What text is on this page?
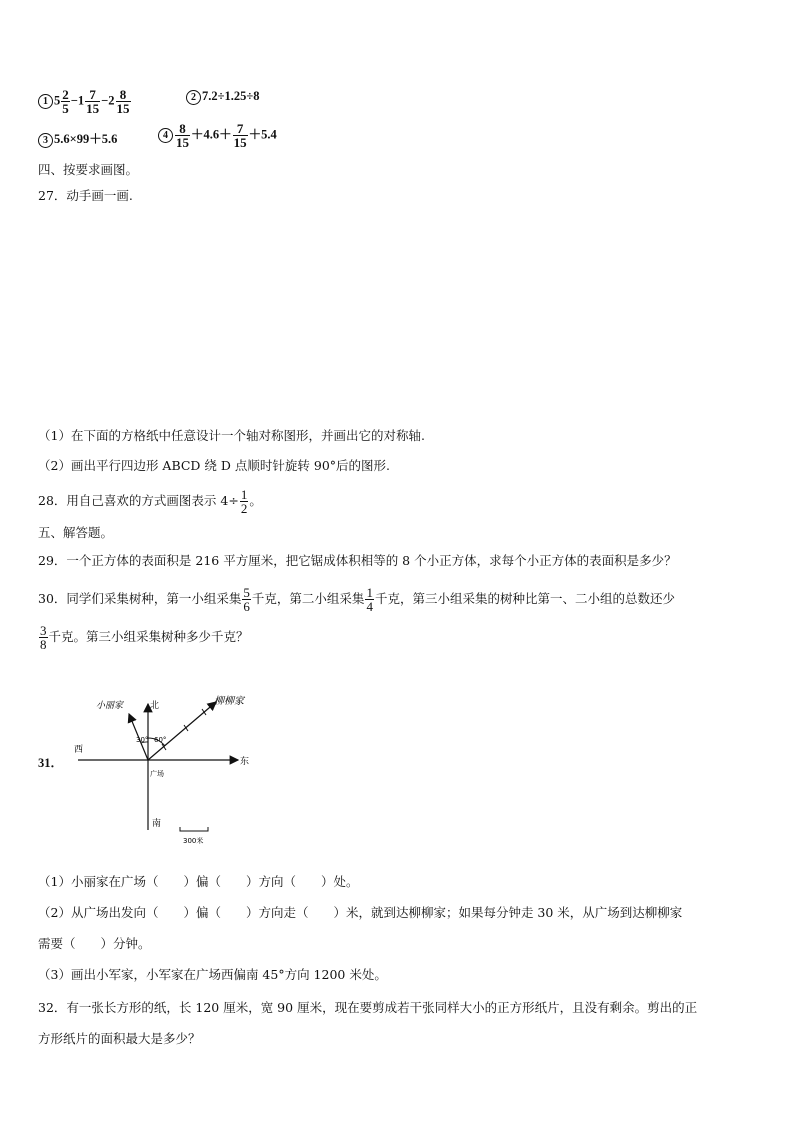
1 $5 \frac{2}{5} -1 \frac{7}{15} -2 \frac{8}{15}$	2 7.2÷1.25÷8
3 5.6×99＋5.6	$4 \frac{8}{15} +4.6+ \frac{7}{15} +5.4$
四、按要求画图。
27．动手画一画.
（1）在下面的方格纸中任意设计一个轴对称图形，并画出它的对称轴.
（2）画出平行四边形 ABCD 绕 D 点顺时针旋转 90°后的图形.
28．用自己喜欢的方式画图表示 $4\div \frac{1}{2}$ 。
五、解答题。
29．一个正方体的表面积是 216 平方厘米，把它锯成体积相等的 8 个小正方体，求每个小正方体的表面积是多少？
30．同学们采集树种，第一小组采集 $\frac{5}{6}$ 千克，第二小组采集 $\frac{1}{4}$ 千克，第三小组采集的树种比第一、二小组的总数还少
$\frac{3}{8}$ 千克。第三小组采集树种多少千克？
31．
西
东
北
南
广场
小丽家	柳柳家
30° 60°
300米
（1）小丽家在广场（　　）偏（　　）方向（　　）处。
（2）从广场出发向（　　）偏（　　）方向走（　　）米，就到达柳柳家；如果每分钟走 30 米，从广场到达柳柳家
需要（　　）分钟。
（3）画出小军家，小军家在广场西偏南 45°方向 1200 米处。
32．有一张长方形的纸，长 120 厘米，宽 90 厘米，现在要剪成若干张同样大小的正方形纸片，且没有剩余。剪出的正
方形纸片的面积最大是多少？
